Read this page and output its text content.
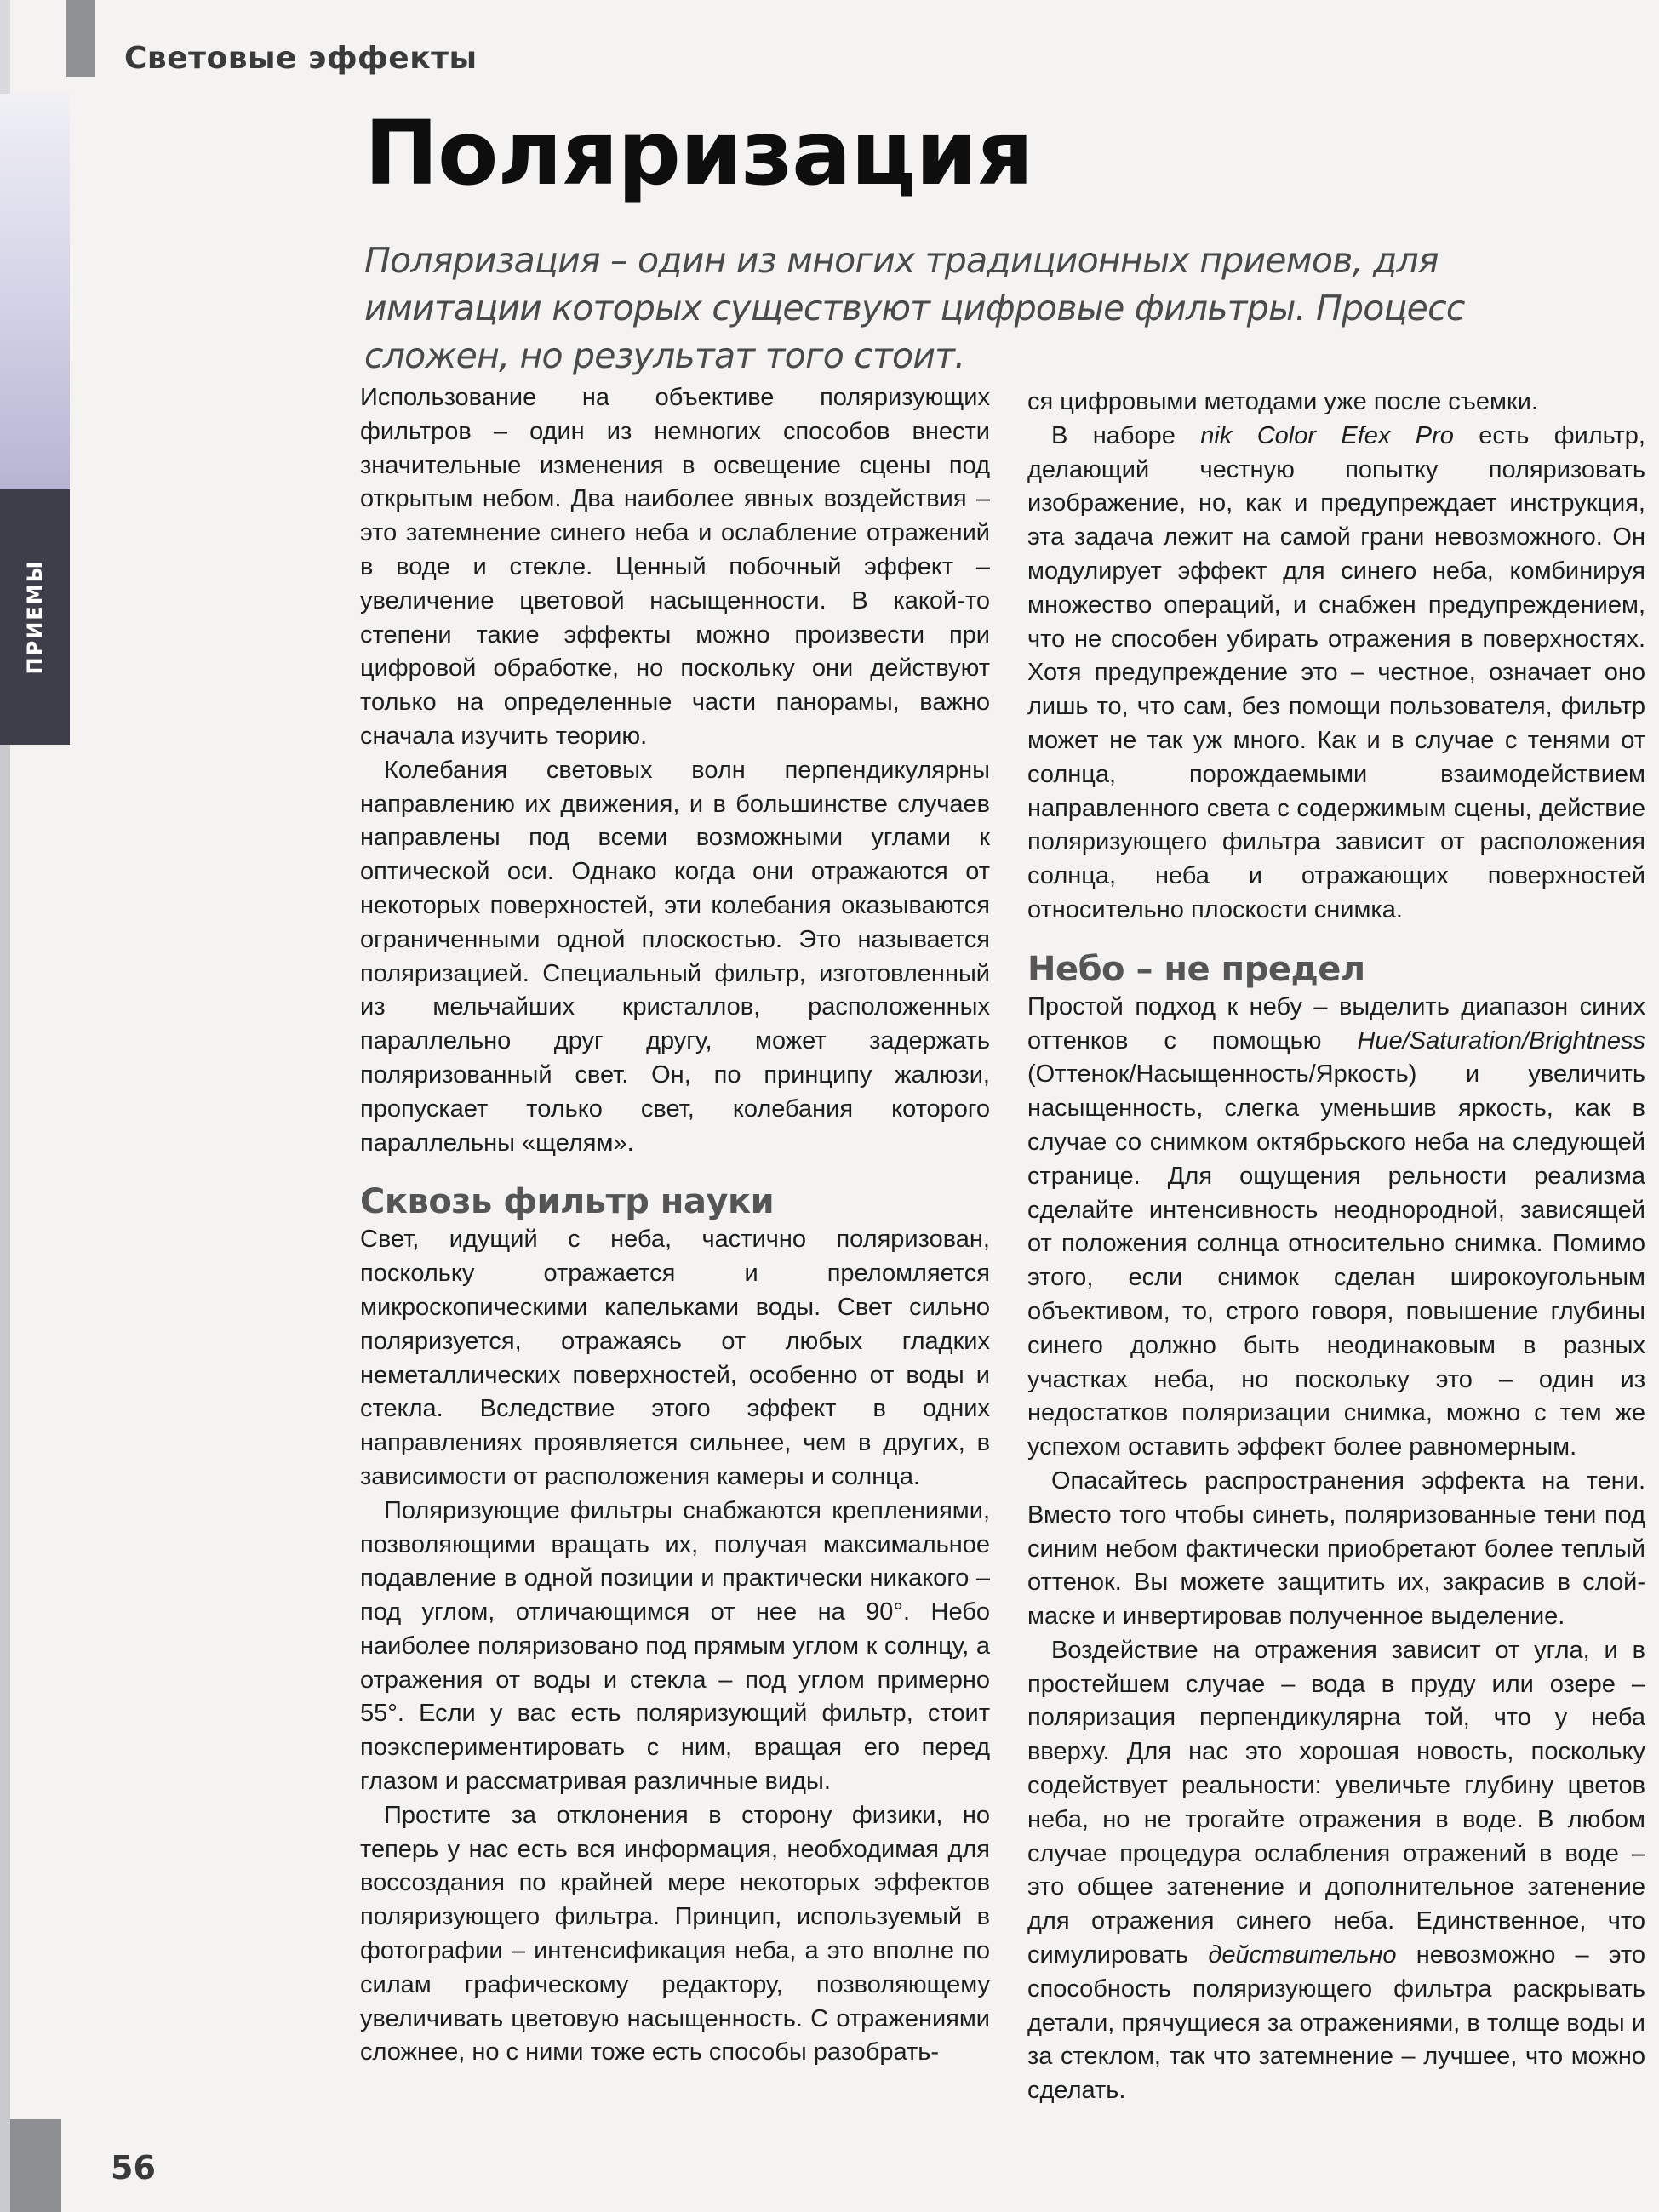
ПРИЕМЫ
Световые эффекты
Поляризация

Поляризация – один из многих традиционных приемов, для имитации которых существуют цифровые фильтры. Процесс сложен, но результат того стоит.

Использование на объективе поляризующих фильтров – один из немногих способов внести значительные изменения в освещение сцены под открытым небом. Два наиболее явных воздействия – это затемнение синего неба и ослабление отражений в воде и стекле. Ценный побочный эффект – увеличение цветовой насыщенности. В какой-то степени такие эффекты можно произвести при цифровой обработке, но поскольку они действуют только на определенные части панорамы, важно сначала изучить теорию.

Колебания световых волн перпендикулярны направлению их движения, и в большинстве случаев направлены под всеми возможными углами к оптической оси. Однако когда они отражаются от некоторых поверхностей, эти колебания оказываются ограниченными одной плоскостью. Это называется поляризацией. Специальный фильтр, изготовленный из мельчайших кристаллов, расположенных параллельно друг другу, может задержать поляризованный свет. Он, по принципу жалюзи, пропускает только свет, колебания которого параллельны «щелям».

Сквозь фильтр науки

Свет, идущий с неба, частично поляризован, поскольку отражается и преломляется микроскопическими капельками воды. Свет сильно поляризуется, отражаясь от любых гладких неметаллических поверхностей, особенно от воды и стекла. Вследствие этого эффект в одних направлениях проявляется сильнее, чем в других, в зависимости от расположения камеры и солнца.

Поляризующие фильтры снабжаются креплениями, позволяющими вращать их, получая максимальное подавление в одной позиции и практически никакого – под углом, отличающимся от нее на 90°. Небо наиболее поляризовано под прямым углом к солнцу, а отражения от воды и стекла – под углом примерно 55°. Если у вас есть поляризующий фильтр, стоит поэкспериментировать с ним, вращая его перед глазом и рассматривая различные виды.

Простите за отклонения в сторону физики, но теперь у нас есть вся информация, необходимая для воссоздания по крайней мере некоторых эффектов поляризующего фильтра. Принцип, используемый в фотографии – интенсификация неба, а это вполне по силам графическому редактору, позволяющему увеличивать цветовую насыщенность. С отражениями сложнее, но с ними тоже есть способы разобрать-

ся цифровыми методами уже после съемки.

В наборе nik Color Efex Pro есть фильтр, делающий честную попытку поляризовать изображение, но, как и предупреждает инструкция, эта задача лежит на самой грани невозможного. Он модулирует эффект для синего неба, комбинируя множество операций, и снабжен предупреждением, что не способен убирать отражения в поверхностях. Хотя предупреждение это – честное, означает оно лишь то, что сам, без помощи пользователя, фильтр может не так уж много. Как и в случае с тенями от солнца, порождаемыми взаимодействием направленного света с содержимым сцены, действие поляризующего фильтра зависит от расположения солнца, неба и отражающих поверхностей относительно плоскости снимка.

Небо – не предел

Простой подход к небу – выделить диапазон синих оттенков с помощью Hue/Saturation/Brightness (Оттенок/Насыщенность/Яркость) и увеличить насыщенность, слегка уменьшив яркость, как в случае со снимком октябрьского неба на следующей странице. Для ощущения рельности реализма сделайте интенсивность неоднородной, зависящей от положения солнца относительно снимка. Помимо этого, если снимок сделан широкоугольным объективом, то, строго говоря, повышение глубины синего должно быть неодинаковым в разных участках неба, но поскольку это – один из недостатков поляризации снимка, можно с тем же успехом оставить эффект более равномерным.

Опасайтесь распространения эффекта на тени. Вместо того чтобы синеть, поляризованные тени под синим небом фактически приобретают более теплый оттенок. Вы можете защитить их, закрасив в слой-маске и инвертировав полученное выделение.

Воздействие на отражения зависит от угла, и в простейшем случае – вода в пруду или озере – поляризация перпендикулярна той, что у неба вверху. Для нас это хорошая новость, поскольку содействует реальности: увеличьте глубину цветов неба, но не трогайте отражения в воде. В любом случае процедура ослабления отражений в воде – это общее затенение и дополнительное затенение для отражения синего неба. Единственное, что симулировать действительно невозможно – это способность поляризующего фильтра раскрывать детали, прячущиеся за отражениями, в толще воды и за стеклом, так что затемнение – лучшее, что можно сделать.

56
